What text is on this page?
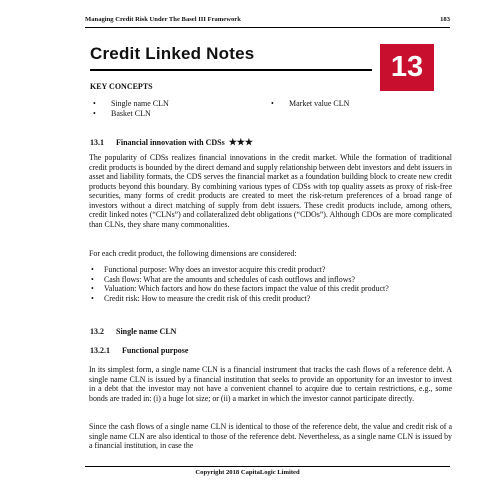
Managing Credit Risk Under The Basel III Framework	183
Credit Linked Notes	13
KEY CONCEPTS
• Single name CLN
• Basket CLN
• Market value CLN
13.1 Financial innovation with CDSs ★★★
The popularity of CDSs realizes financial innovations in the credit market. While the formation of traditional credit products is bounded by the direct demand and supply relationship between debt investors and debt issuers in asset and liability formats, the CDS serves the financial market as a foundation building block to create new credit products beyond this boundary. By combining various types of CDSs with top quality assets as proxy of risk-free securities, many forms of credit products are created to meet the risk-return preferences of a broad range of investors without a direct matching of supply from debt issuers. These credit products include, among others, credit linked notes (“CLNs”) and collateralized debt obligations (“CDOs”). Although CDOs are more complicated than CLNs, they share many commonalities.
For each credit product, the following dimensions are considered:
• Functional purpose: Why does an investor acquire this credit product?
• Cash flows: What are the amounts and schedules of cash outflows and inflows?
• Valuation: Which factors and how do these factors impact the value of this credit product?
• Credit risk: How to measure the credit risk of this credit product?
13.2 Single name CLN
13.2.1 Functional purpose
In its simplest form, a single name CLN is a financial instrument that tracks the cash flows of a reference debt. A single name CLN is issued by a financial institution that seeks to provide an opportunity for an investor to invest in a debt that the investor may not have a convenient channel to acquire due to certain restrictions, e.g., some bonds are traded in: (i) a huge lot size; or (ii) a market in which the investor cannot participate directly.
Since the cash flows of a single name CLN is identical to those of the reference debt, the value and credit risk of a single name CLN are also identical to those of the reference debt. Nevertheless, as a single name CLN is issued by a financial institution, in case the
Copyright 2018 CapitaLogic Limited
